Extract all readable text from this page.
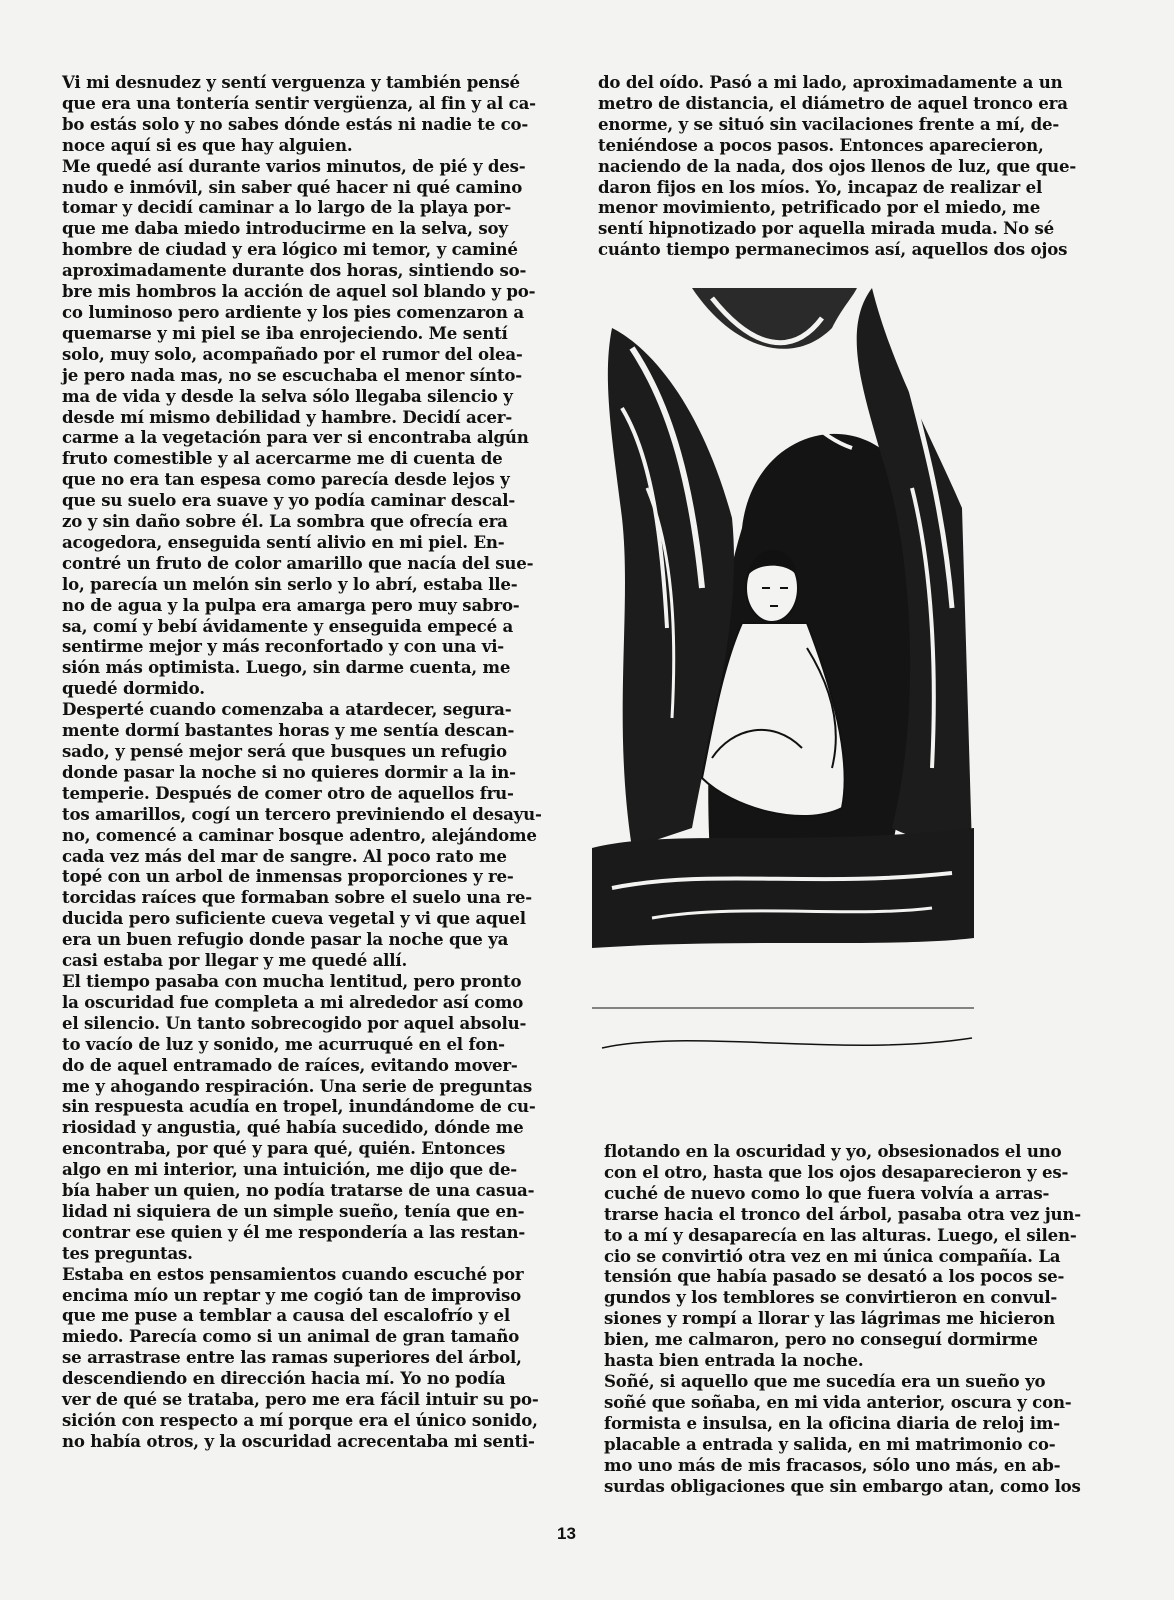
Vi mi desnudez y sentí verguenza y también pensé
que era una tontería sentir vergüenza, al fin y al ca-
bo estás solo y no sabes dónde estás ni nadie te co-
noce aquí si es que hay alguien.
Me quedé así durante varios minutos, de pié y des-
nudo e inmóvil, sin saber qué hacer ni qué camino
tomar y decidí caminar a lo largo de la playa por-
que me daba miedo introducirme en la selva, soy
hombre de ciudad y era lógico mi temor, y caminé
aproximadamente durante dos horas, sintiendo so-
bre mis hombros la acción de aquel sol blando y po-
co luminoso pero ardiente y los pies comenzaron a
quemarse y mi piel se iba enrojeciendo. Me sentí
solo, muy solo, acompañado por el rumor del olea-
je pero nada mas, no se escuchaba el menor sínto-
ma de vida y desde la selva sólo llegaba silencio y
desde mí mismo debilidad y hambre. Decidí acer-
carme a la vegetación para ver si encontraba algún
fruto comestible y al acercarme me di cuenta de
que no era tan espesa como parecía desde lejos y
que su suelo era suave y yo podía caminar descal-
zo y sin daño sobre él. La sombra que ofrecía era
acogedora, enseguida sentí alivio en mi piel. En-
contré un fruto de color amarillo que nacía del sue-
lo, parecía un melón sin serlo y lo abrí, estaba lle-
no de agua y la pulpa era amarga pero muy sabro-
sa, comí y bebí ávidamente y enseguida empecé a
sentirme mejor y más reconfortado y con una vi-
sión más optimista. Luego, sin darme cuenta, me
quedé dormido.
Desperté cuando comenzaba a atardecer, segura-
mente dormí bastantes horas y me sentía descan-
sado, y pensé mejor será que busques un refugio
donde pasar la noche si no quieres dormir a la in-
temperie. Después de comer otro de aquellos fru-
tos amarillos, cogí un tercero previniendo el desayu-
no, comencé a caminar bosque adentro, alejándome
cada vez más del mar de sangre. Al poco rato me
topé con un arbol de inmensas proporciones y re-
torcidas raíces que formaban sobre el suelo una re-
ducida pero suficiente cueva vegetal y vi que aquel
era un buen refugio donde pasar la noche que ya
casi estaba por llegar y me quedé allí.
El tiempo pasaba con mucha lentitud, pero pronto
la oscuridad fue completa a mi alrededor así como
el silencio. Un tanto sobrecogido por aquel absolu-
to vacío de luz y sonido, me acurruqué en el fon-
do de aquel entramado de raíces, evitando mover-
me y ahogando respiración. Una serie de preguntas
sin respuesta acudía en tropel, inundándome de cu-
riosidad y angustia, qué había sucedido, dónde me
encontraba, por qué y para qué, quién. Entonces
algo en mi interior, una intuición, me dijo que de-
bía haber un quien, no podía tratarse de una casua-
lidad ni siquiera de un simple sueño, tenía que en-
contrar ese quien y él me respondería a las restan-
tes preguntas.
Estaba en estos pensamientos cuando escuché por
encima mío un reptar y me cogió tan de improviso
que me puse a temblar a causa del escalofrío y el
miedo. Parecía como si un animal de gran tamaño
se arrastrase entre las ramas superiores del árbol,
descendiendo en dirección hacia mí. Yo no podía
ver de qué se trataba, pero me era fácil intuir su po-
sición con respecto a mí porque era el único sonido,
no había otros, y la oscuridad acrecentaba mi senti-
do del oído. Pasó a mi lado, aproximadamente a un
metro de distancia, el diámetro de aquel tronco era
enorme, y se situó sin vacilaciones frente a mí, de-
teniéndose a pocos pasos. Entonces aparecieron,
naciendo de la nada, dos ojos llenos de luz, que que-
daron fijos en los míos. Yo, incapaz de realizar el
menor movimiento, petrificado por el miedo, me
sentí hipnotizado por aquella mirada muda. No sé
cuánto tiempo permanecimos así, aquellos dos ojos
flotando en la oscuridad y yo, obsesionados el uno
con el otro, hasta que los ojos desaparecieron y es-
cuché de nuevo como lo que fuera volvía a arras-
trarse hacia el tronco del árbol, pasaba otra vez jun-
to a mí y desaparecía en las alturas. Luego, el silen-
cio se convirtió otra vez en mi única compañía. La
tensión que había pasado se desató a los pocos se-
gundos y los temblores se convirtieron en convul-
siones y rompí a llorar y las lágrimas me hicieron
bien, me calmaron, pero no conseguí dormirme
hasta bien entrada la noche.
Soñé, si aquello que me sucedía era un sueño yo
soñé que soñaba, en mi vida anterior, oscura y con-
formista e insulsa, en la oficina diaria de reloj im-
placable a entrada y salida, en mi matrimonio co-
mo uno más de mis fracasos, sólo uno más, en ab-
surdas obligaciones que sin embargo atan, como los
13
